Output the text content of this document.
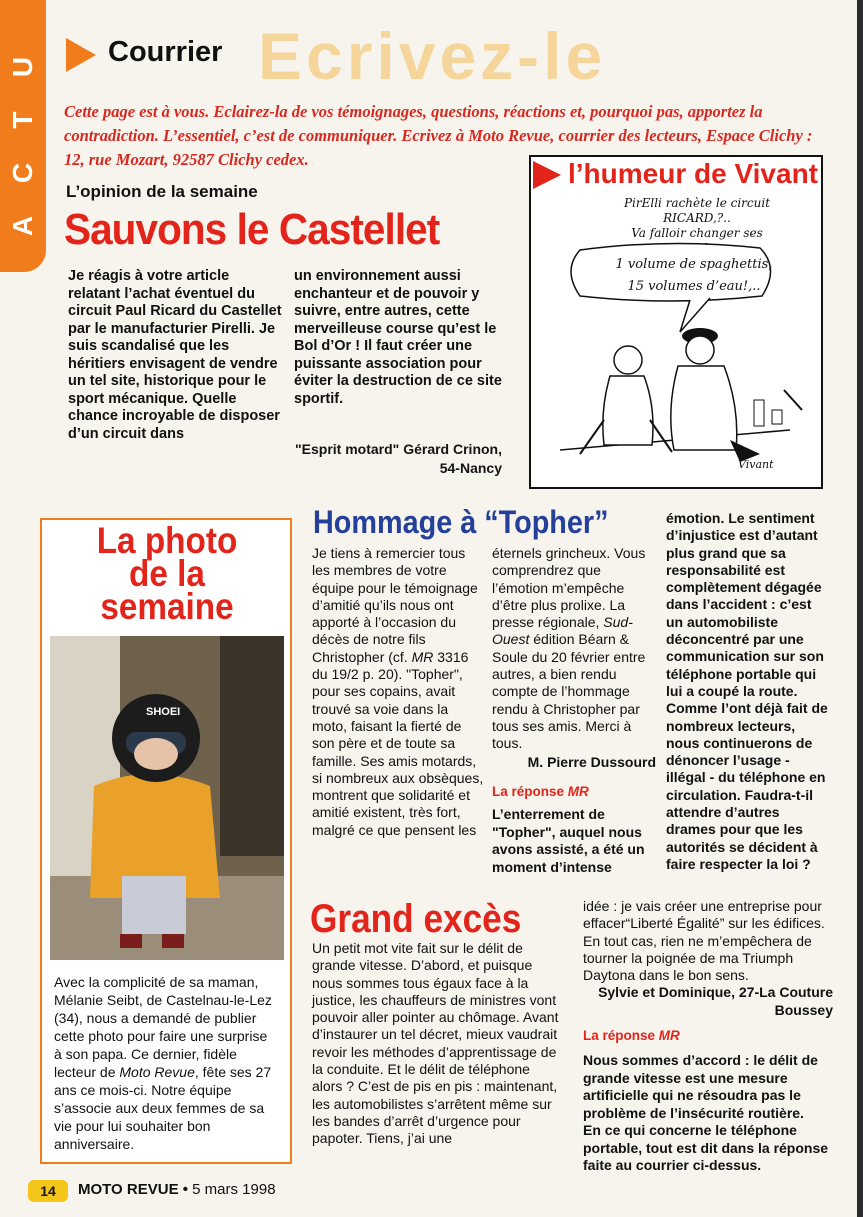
A
C
T
U Courrier Ecrivez-le
Cette page est à vous. Eclairez-la de vos témoignages, questions, réactions et, pourquoi pas, apportez la contradiction. L’essentiel, c’est de communiquer. Ecrivez à Moto Revue, courrier des lecteurs, Espace Clichy : 12, rue Mozart, 92587 Clichy cedex.
L’opinion de la semaine
Sauvons le Castellet
Je réagis à votre article relatant l’achat éventuel du circuit Paul Ricard du Castellet par le manufacturier Pirelli. Je suis scandalisé que les héritiers envisagent de vendre un tel site, historique pour le sport mécanique. Quelle chance incroyable de disposer d’un circuit dans
un environnement aussi enchanteur et de pouvoir y suivre, entre autres, cette merveilleuse course qu’est le Bol d’Or ! Il faut créer une puissante association pour éviter la destruction de ce site sportif.
"Esprit motard" Gérard Crinon,
54-Nancy
l’humeur de Vivant
PirElli rachète le circuit RICARD,?..
Va falloir changer ses
1 volume de spaghettis,
15 volumes d’eau!,..
Vivant
La photo
de la
semaine
SHOEI
Avec la complicité de sa maman, Mélanie Seibt, de Castelnau-le-Lez (34), nous a demandé de publier cette photo pour faire une surprise à son papa. Ce dernier, fidèle lecteur de Moto Revue, fête ses 27 ans ce mois-ci. Notre équipe s’associe aux deux femmes de sa vie pour lui souhaiter bon anniversaire.
Hommage à “Topher”
Je tiens à remercier tous les membres de votre équipe pour le témoignage d’amitié qu’ils nous ont apporté à l’occasion du décès de notre fils Christopher (cf. MR 3316 du 19/2 p. 20). "Topher", pour ses copains, avait trouvé sa voie dans la moto, faisant la fierté de son père et de toute sa famille. Ses amis motards, si nombreux aux obsèques, montrent que solidarité et amitié existent, très fort, malgré ce que pensent les
éternels grincheux. Vous comprendrez que l’émotion m’empêche d’être plus prolixe. La presse régionale, Sud-Ouest édition Béarn & Soule du 20 février entre autres, a bien rendu compte de l’hommage rendu à Christopher par tous ses amis. Merci à tous.
M. Pierre Dussourd
La réponse MR
L’enterrement de "Topher", auquel nous avons assisté, a été un moment d’intense
émotion. Le sentiment d’injustice est d’autant plus grand que sa responsabilité est complètement dégagée dans l’accident : c’est un automobiliste déconcentré par une communication sur son téléphone portable qui lui a coupé la route. Comme l’ont déjà fait de nombreux lecteurs, nous continuerons de dénoncer l’usage - illégal - du téléphone en circulation. Faudra-t-il attendre d’autres drames pour que les autorités se décident à faire respecter la loi ?
Grand excès
Un petit mot vite fait sur le délit de grande vitesse. D’abord, et puisque nous sommes tous égaux face à la justice, les chauffeurs de ministres vont pouvoir aller pointer au chômage. Avant d’instaurer un tel décret, mieux vaudrait revoir les méthodes d’apprentissage de la conduite. Et le délit de téléphone alors ? C’est de pis en pis : maintenant, les automobilistes s’arrêtent même sur les bandes d’arrêt d’urgence pour papoter. Tiens, j’ai une
idée : je vais créer une entreprise pour effacer“Liberté Égalité” sur les édifices. En tout cas, rien ne m’empêchera de tourner la poignée de ma Triumph Daytona dans le bon sens.
Sylvie et Dominique, 27-La Couture
Boussey
La réponse MR
Nous sommes d’accord : le délit de grande vitesse est une mesure artificielle qui ne résoudra pas le problème de l’insécurité routière.
En ce qui concerne le téléphone portable, tout est dit dans la réponse faite au courrier ci-dessus.
14	MOTO REVUE • 5 mars 1998
